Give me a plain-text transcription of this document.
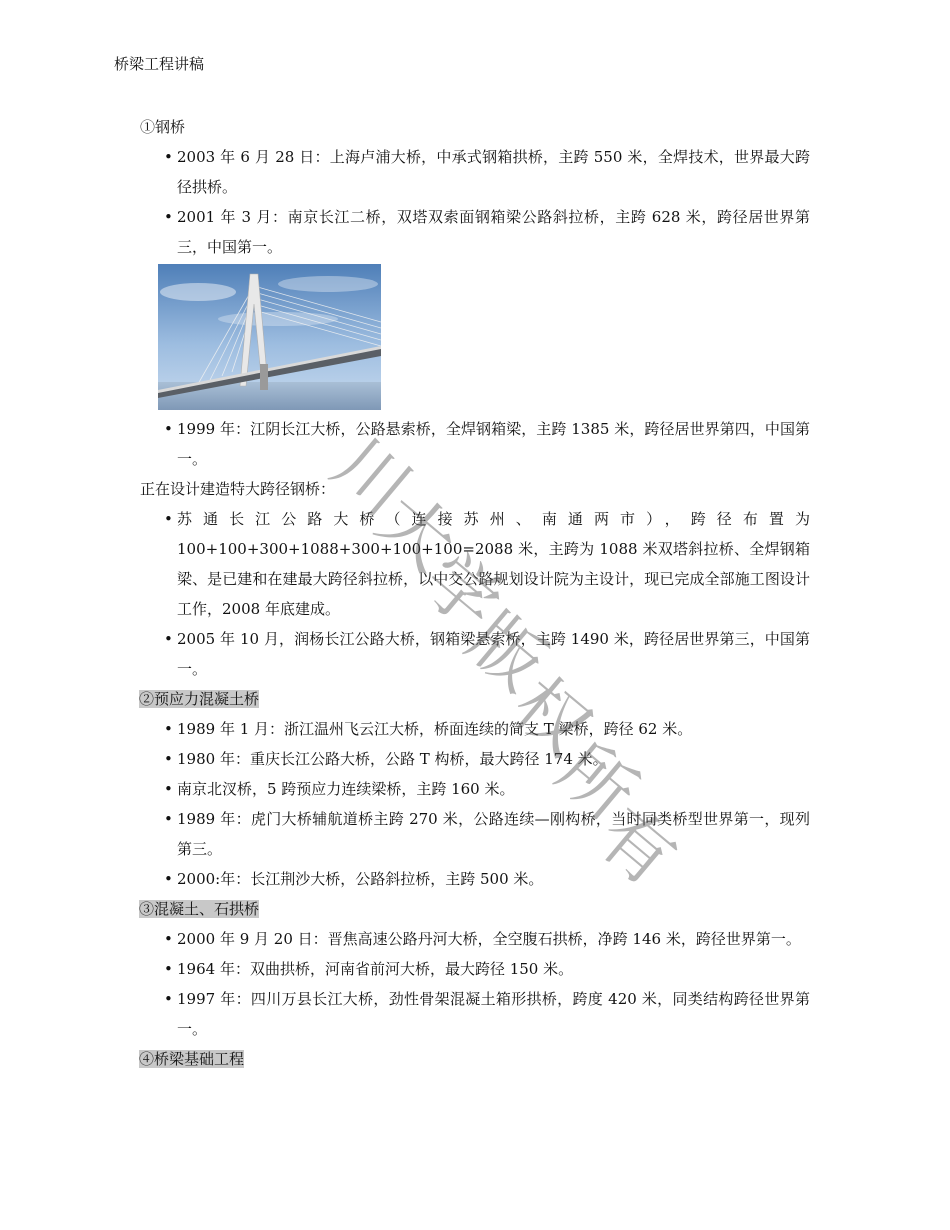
桥梁工程讲稿
①钢桥
• 2003 年 6 月 28 日：上海卢浦大桥，中承式钢箱拱桥，主跨 550 米，全焊技术，世界最大跨径拱桥。
• 2001 年 3 月：南京长江二桥，双塔双索面钢箱梁公路斜拉桥，主跨 628 米，跨径居世界第三，中国第一。
• 1999 年：江阴长江大桥，公路悬索桥，全焊钢箱梁，主跨 1385 米，跨径居世界第四，中国第一。
正在设计建造特大跨径钢桥：
• 苏通长江公路大桥（连接苏州、南通两市），跨径布置为 100+100+300+1088+300+100+100=2088 米，主跨为 1088 米双塔斜拉桥、全焊钢箱梁、是已建和在建最大跨径斜拉桥，以中交公路规划设计院为主设计，现已完成全部施工图设计工作，2008 年底建成。
• 2005 年 10 月，润杨长江公路大桥，钢箱梁悬索桥，主跨 1490 米，跨径居世界第三，中国第一。
②预应力混凝土桥
• 1989 年 1 月：浙江温州飞云江大桥，桥面连续的简支 T 梁桥，跨径 62 米。
• 1980 年：重庆长江公路大桥，公路 T 构桥，最大跨径 174 米。
• 南京北汊桥，5 跨预应力连续梁桥，主跨 160 米。
• 1989 年：虎门大桥辅航道桥主跨 270 米，公路连续—刚构桥，当时同类桥型世界第一，现列第三。
• 2000:年：长江荆沙大桥，公路斜拉桥，主跨 500 米。
③混凝土、石拱桥
• 2000 年 9 月 20 日：晋焦高速公路丹河大桥，全空腹石拱桥，净跨 146 米，跨径世界第一。
• 1964 年：双曲拱桥，河南省前河大桥，最大跨径 150 米。
• 1997 年：四川万县长江大桥，劲性骨架混凝土箱形拱桥，跨度 420 米，同类结构跨径世界第一。
④桥梁基础工程
川
大
学
版
权
所
有
